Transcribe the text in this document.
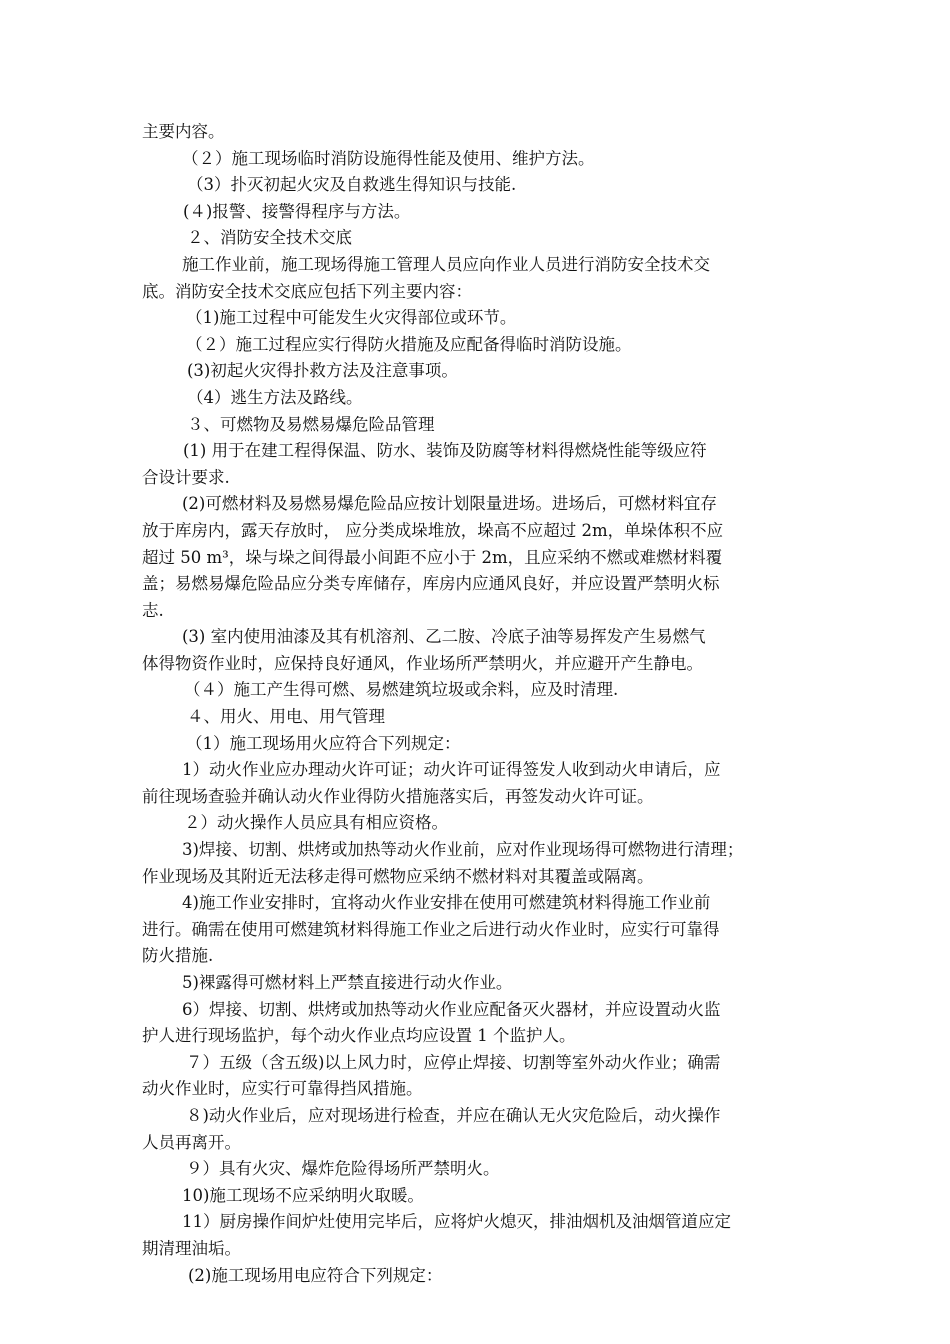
主要内容。
（２）施工现场临时消防设施得性能及使用、维护方法。
（3）扑灭初起火灾及自救逃生得知识与技能.
(４)报警、接警得程序与方法。
２、消防安全技术交底
施工作业前，施工现场得施工管理人员应向作业人员进行消防安全技术交
底。消防安全技术交底应包括下列主要内容：
（1)施工过程中可能发生火灾得部位或环节。
（２）施工过程应实行得防火措施及应配备得临时消防设施。
(3)初起火灾得扑救方法及注意事项。
（4）逃生方法及路线。
３、可燃物及易燃易爆危险品管理
(1) 用于在建工程得保温、防水、装饰及防腐等材料得燃烧性能等级应符
合设计要求.
(2)可燃材料及易燃易爆危险品应按计划限量进场。进场后，可燃材料宜存
放于库房内，露天存放时， 应分类成垛堆放，垛高不应超过 2m，单垛体积不应
超过 50 m³，垛与垛之间得最小间距不应小于 2m，且应采纳不燃或难燃材料覆
盖；易燃易爆危险品应分类专库储存，库房内应通风良好，并应设置严禁明火标
志.
(3) 室内使用油漆及其有机溶剂、乙二胺、冷底子油等易挥发产生易燃气
体得物资作业时，应保持良好通风，作业场所严禁明火，并应避开产生静电。
（４）施工产生得可燃、易燃建筑垃圾或余料，应及时清理.
４、用火、用电、用气管理
（1）施工现场用火应符合下列规定：
1）动火作业应办理动火许可证；动火许可证得签发人收到动火申请后，应
前往现场查验并确认动火作业得防火措施落实后，再签发动火许可证。
２）动火操作人员应具有相应资格。
3)焊接、切割、烘烤或加热等动火作业前，应对作业现场得可燃物进行清理；
作业现场及其附近无法移走得可燃物应采纳不燃材料对其覆盖或隔离。
4)施工作业安排时，宜将动火作业安排在使用可燃建筑材料得施工作业前
进行。确需在使用可燃建筑材料得施工作业之后进行动火作业时，应实行可靠得
防火措施.
5)裸露得可燃材料上严禁直接进行动火作业。
6）焊接、切割、烘烤或加热等动火作业应配备灭火器材，并应设置动火监
护人进行现场监护，每个动火作业点均应设置 1 个监护人。
７）五级（含五级)以上风力时，应停止焊接、切割等室外动火作业；确需
动火作业时，应实行可靠得挡风措施。
８)动火作业后，应对现场进行检查，并应在确认无火灾危险后，动火操作
人员再离开。
９）具有火灾、爆炸危险得场所严禁明火。
10)施工现场不应采纳明火取暖。
11）厨房操作间炉灶使用完毕后，应将炉火熄灭，排油烟机及油烟管道应定
期清理油垢。
(2)施工现场用电应符合下列规定：
